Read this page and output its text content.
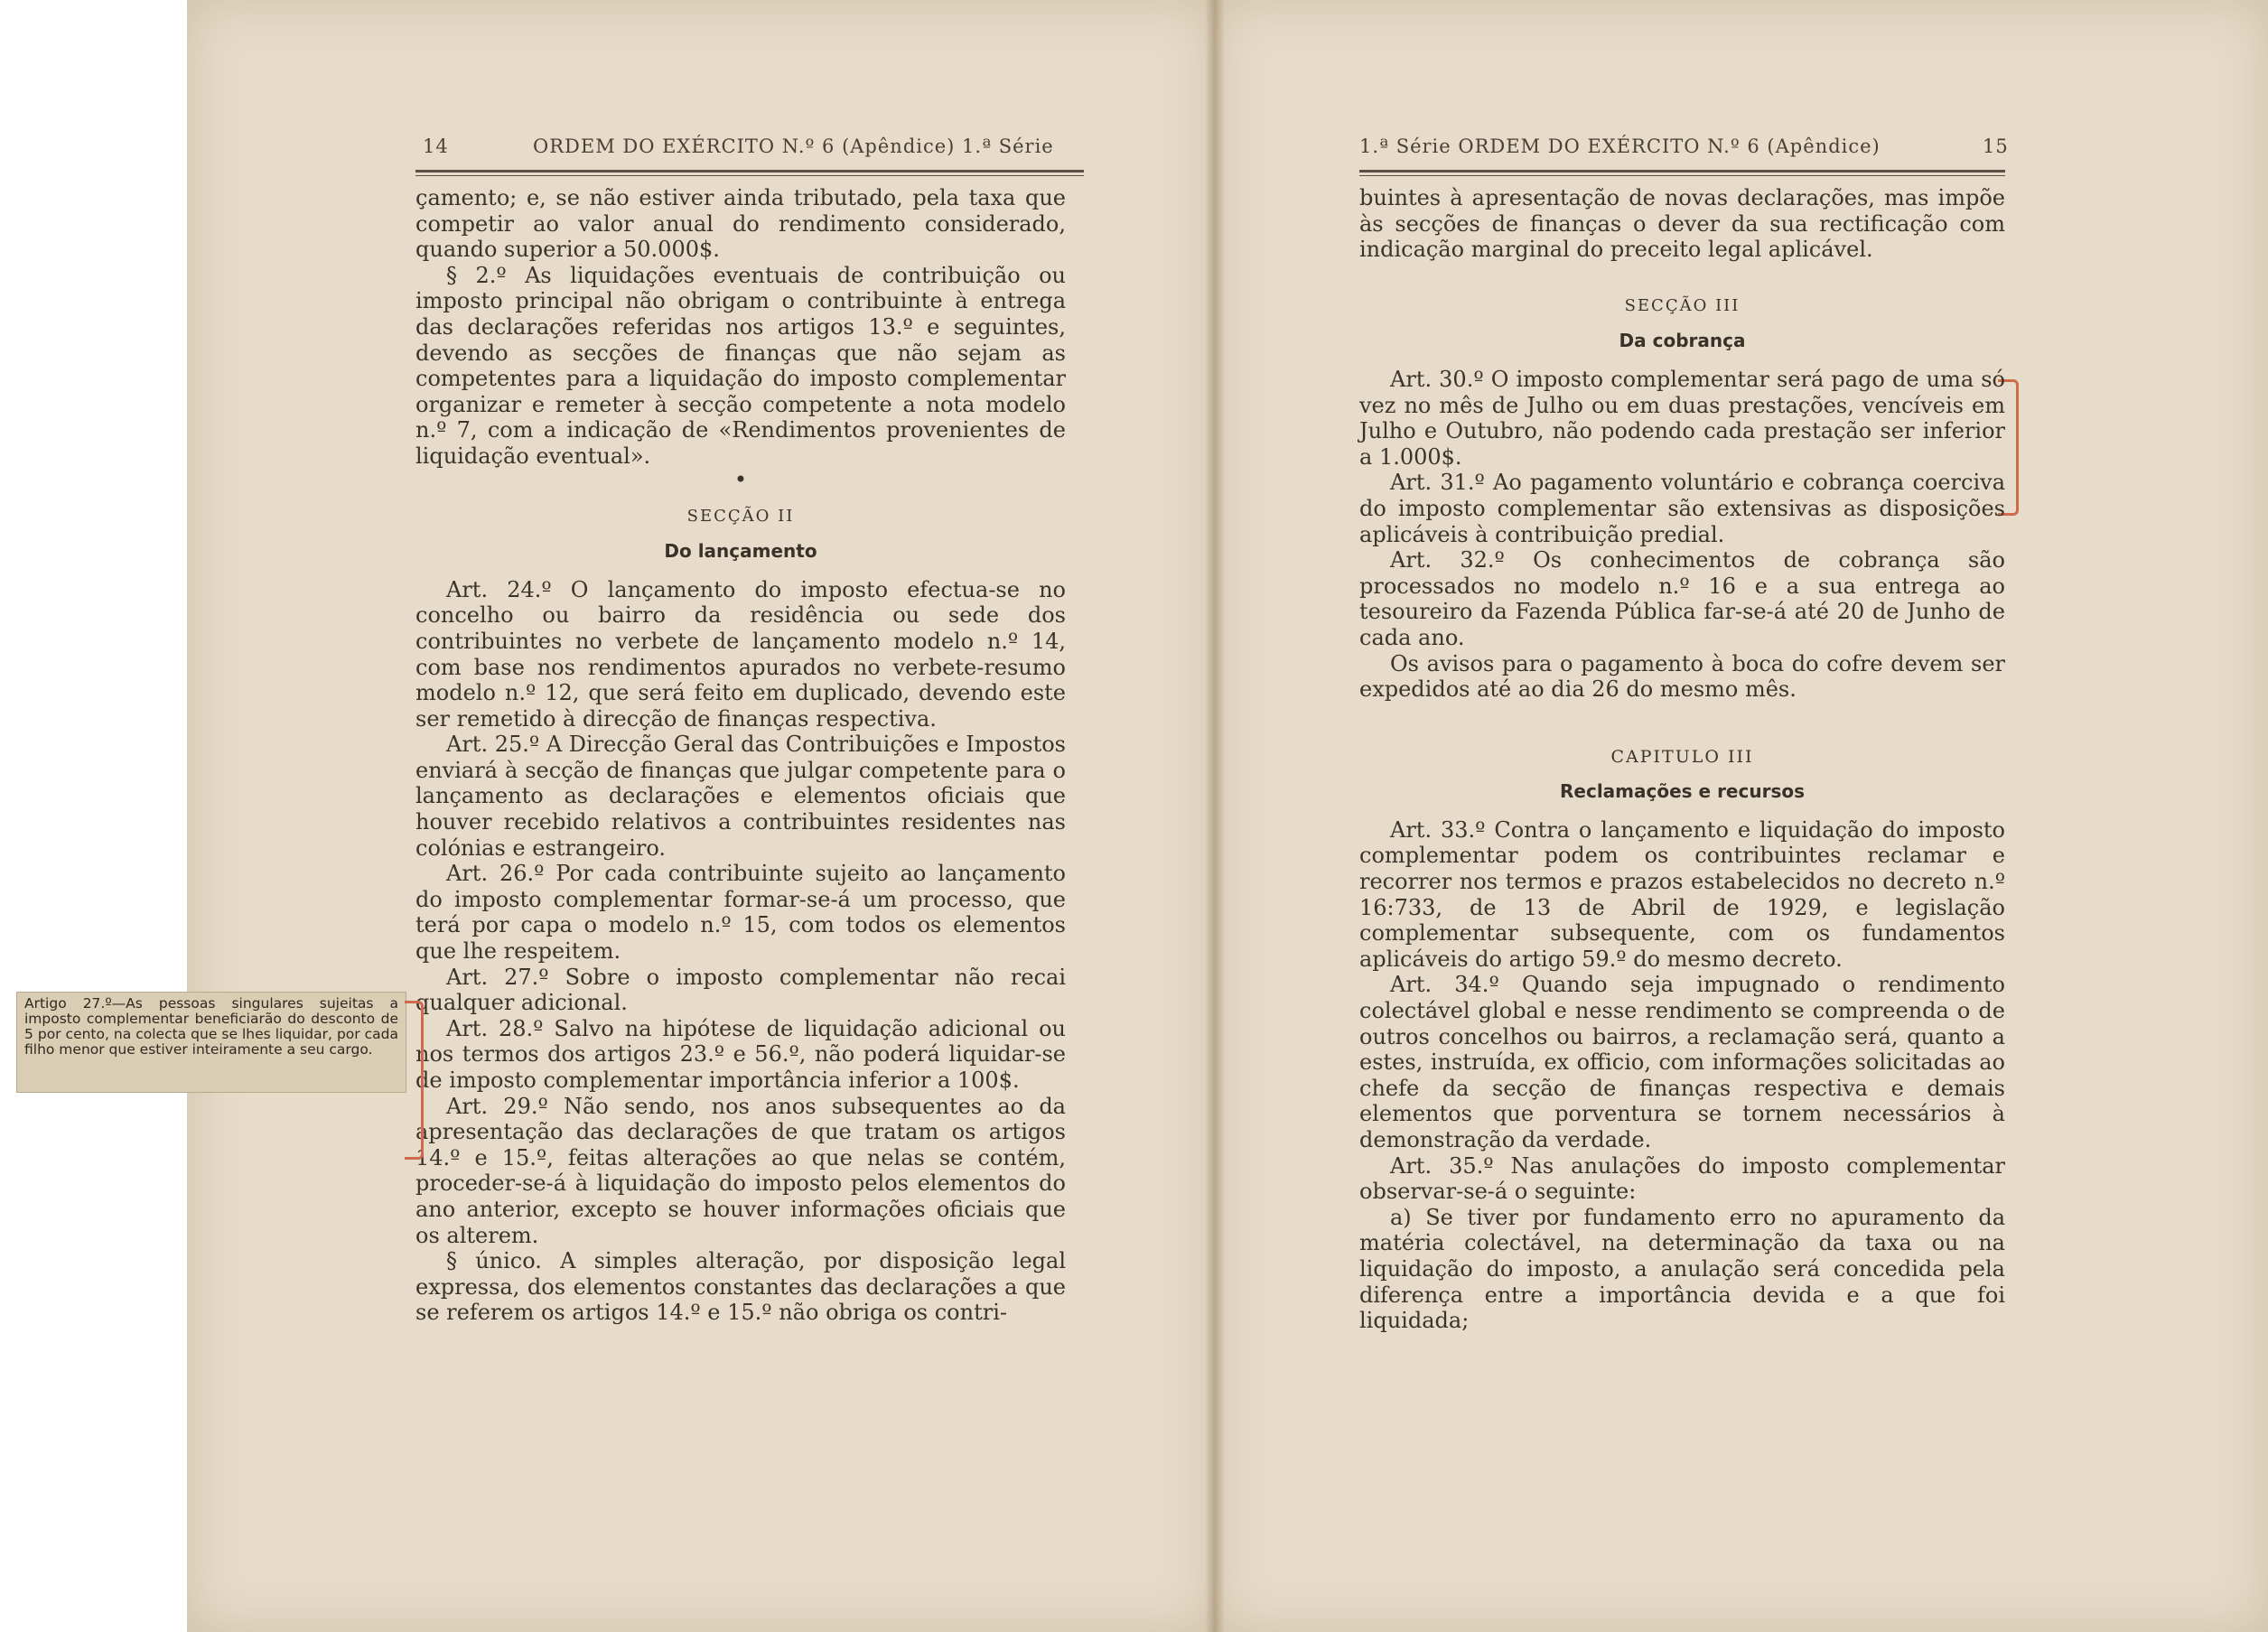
14	ORDEM DO EXÉRCITO N.º 6 (Apêndice) 1.ª Série	1.ª Série ORDEM DO EXÉRCITO N.º 6 (Apêndice)	15

çamento; e, se não estiver ainda tributado, pela taxa que competir ao valor anual do rendimento considerado, quando superior a 50.000$.

§ 2.º As liquidações eventuais de contribuição ou imposto principal não obrigam o contribuinte à entrega das declarações referidas nos artigos 13.º e seguintes, devendo as secções de finanças que não sejam as competentes para a liquidação do imposto complementar organizar e remeter à secção competente a nota modelo n.º 7, com a indicação de «Rendimentos provenientes de liquidação eventual».

•
SECÇÃO II
Do lançamento

Art. 24.º O lançamento do imposto efectua-se no concelho ou bairro da residência ou sede dos contribuintes no verbete de lançamento modelo n.º 14, com base nos rendimentos apurados no verbete-resumo modelo n.º 12, que será feito em duplicado, devendo este ser remetido à direcção de finanças respectiva.

Art. 25.º A Direcção Geral das Contribuições e Impostos enviará à secção de finanças que julgar competente para o lançamento as declarações e elementos oficiais que houver recebido relativos a contribuintes residentes nas colónias e estrangeiro.

Art. 26.º Por cada contribuinte sujeito ao lançamento do imposto complementar formar-se-á um processo, que terá por capa o modelo n.º 15, com todos os elementos que lhe respeitem.

Art. 27.º Sobre o imposto complementar não recai qualquer adicional.

Art. 28.º Salvo na hipótese de liquidação adicional ou nos termos dos artigos 23.º e 56.º, não poderá liquidar-se de imposto complementar importância inferior a 100$.

Art. 29.º Não sendo, nos anos subsequentes ao da apresentação das declarações de que tratam os artigos 14.º e 15.º, feitas alterações ao que nelas se contém, proceder-se-á à liquidação do imposto pelos elementos do ano anterior, excepto se houver informações oficiais que os alterem.

§ único. A simples alteração, por disposição legal expressa, dos elementos constantes das declarações a que se referem os artigos 14.º e 15.º não obriga os contri-

Artigo 27.º—As pessoas singulares sujeitas a imposto complementar beneficiarão do desconto de 5 por cento, na colecta que se lhes liquidar, por cada filho menor que estiver inteiramente a seu cargo.

buintes à apresentação de novas declarações, mas impõe às secções de finanças o dever da sua rectificação com indicação marginal do preceito legal aplicável.

SECÇÃO III
Da cobrança

Art. 30.º O imposto complementar será pago de uma só vez no mês de Julho ou em duas prestações, vencíveis em Julho e Outubro, não podendo cada prestação ser inferior a 1.000$.

Art. 31.º Ao pagamento voluntário e cobrança coerciva do imposto complementar são extensivas as disposições aplicáveis à contribuição predial.

Art. 32.º Os conhecimentos de cobrança são processados no modelo n.º 16 e a sua entrega ao tesoureiro da Fazenda Pública far-se-á até 20 de Junho de cada ano.

Os avisos para o pagamento à boca do cofre devem ser expedidos até ao dia 26 do mesmo mês.

CAPITULO III
Reclamações e recursos

Art. 33.º Contra o lançamento e liquidação do imposto complementar podem os contribuintes reclamar e recorrer nos termos e prazos estabelecidos no decreto n.º 16:733, de 13 de Abril de 1929, e legislação complementar subsequente, com os fundamentos aplicáveis do artigo 59.º do mesmo decreto.

Art. 34.º Quando seja impugnado o rendimento colectável global e nesse rendimento se compreenda o de outros concelhos ou bairros, a reclamação será, quanto a estes, instruída, ex officio, com informações solicitadas ao chefe da secção de finanças respectiva e demais elementos que porventura se tornem necessários à demonstração da verdade.

Art. 35.º Nas anulações do imposto complementar observar-se-á o seguinte:

a) Se tiver por fundamento erro no apuramento da matéria colectável, na determinação da taxa ou na liquidação do imposto, a anulação será concedida pela diferença entre a importância devida e a que foi liquidada;
